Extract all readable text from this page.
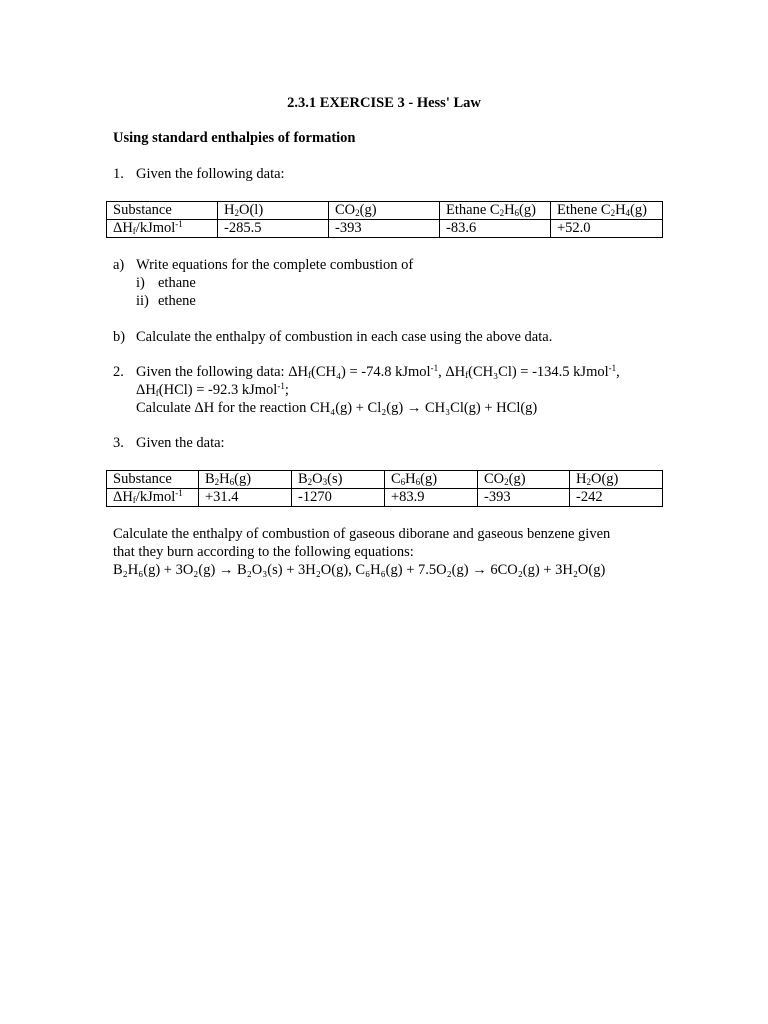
2.3.1 EXERCISE 3 - Hess' Law
Using standard enthalpies of formation
1. Given the following data:
Substance	$H_2O(l)$	$CO_2(g)$	Ethane $C_2H_6(g)$	Ethene $C_2H_4(g)$
$\Delta H_f/kJmol^{-1}$	-285.5	-393	-83.6	+52.0
a) Write equations for the complete combustion of
i) ethane
ii) ethene
b) Calculate the enthalpy of combustion in each case using the above data.
2. Given the following data: $\Delta H_f(CH_4) = -74.8$ kJmol$^{-1}$, $\Delta H_f(CH_3Cl) = -134.5$ kJmol$^{-1}$,
$\Delta H_f(HCl) = -92.3$ kJmol$^{-1}$;
Calculate ΔH for the reaction CH₄(g) + Cl₂(g) → CH₃Cl(g) + HCl(g)
3. Given the data:
Substance	$B_2H_6(g)$	$B_2O_3(s)$	$C_6H_6(g)$	$CO_2(g)$	$H_2O(g)$
$\Delta H_f/kJmol^{-1}$	+31.4	-1270	+83.9	-393	-242
Calculate the enthalpy of combustion of gaseous diborane and gaseous benzene given
that they burn according to the following equations:
B₂H₆(g) + 3O₂(g) → B₂O₃(s) + 3H₂O(g), C₆H₆(g) + 7.5O₂(g) → 6CO₂(g) + 3H₂O(g)
